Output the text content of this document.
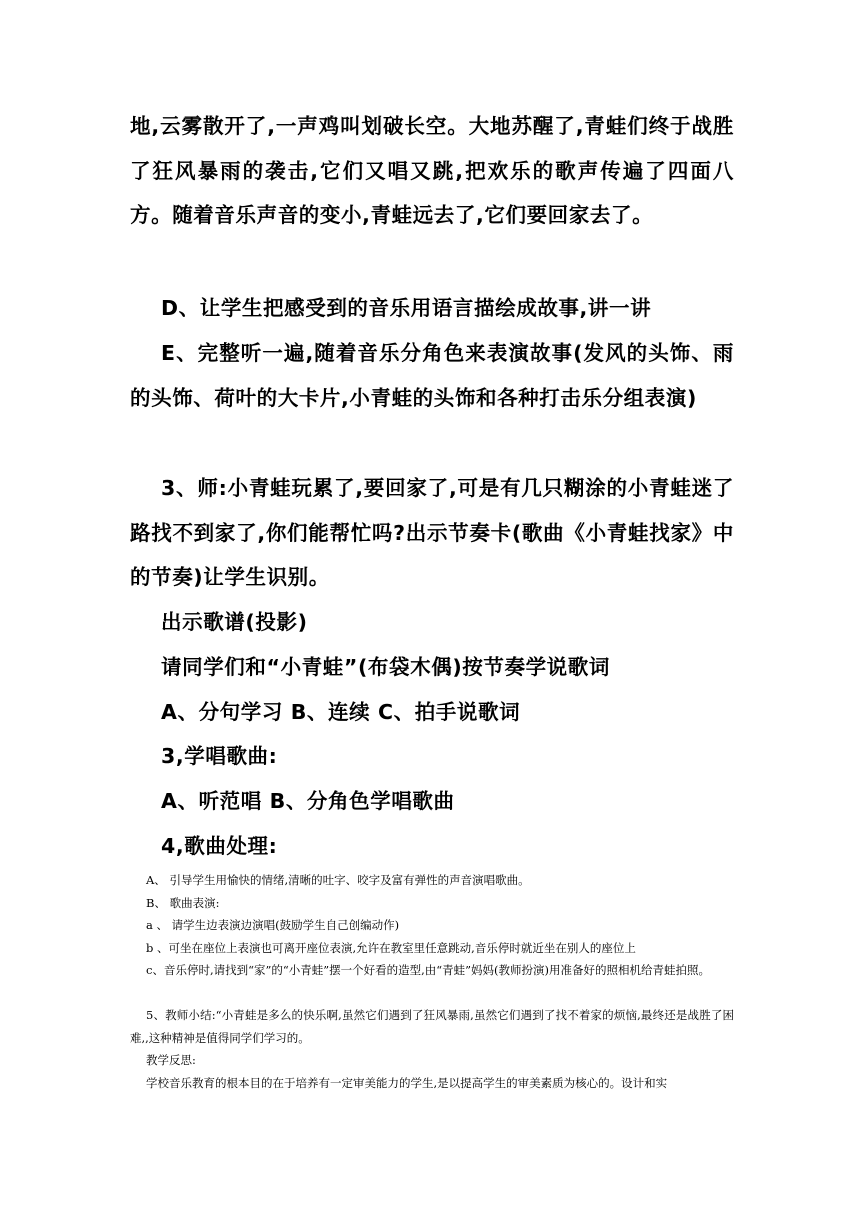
地,云雾散开了,一声鸡叫划破长空。大地苏醒了,青蛙们终于战胜了狂风暴雨的袭击,它们又唱又跳,把欢乐的歌声传遍了四面八方。随着音乐声音的变小,青蛙远去了,它们要回家去了。

D、让学生把感受到的音乐用语言描绘成故事,讲一讲

E、完整听一遍,随着音乐分角色来表演故事(发风的头饰、雨的头饰、荷叶的大卡片,小青蛙的头饰和各种打击乐分组表演)

3、师:小青蛙玩累了,要回家了,可是有几只糊涂的小青蛙迷了路找不到家了,你们能帮忙吗?出示节奏卡(歌曲《小青蛙找家》中的节奏)让学生识别。

出示歌谱(投影)

请同学们和“小青蛙”(布袋木偶)按节奏学说歌词

A、分句学习 B、连续 C、拍手说歌词

3,学唱歌曲:

A、听范唱 B、分角色学唱歌曲

4,歌曲处理:

A、 引导学生用愉快的情绪,清晰的吐字、咬字及富有弹性的声音演唱歌曲。

B、 歌曲表演:

a 、 请学生边表演边演唱(鼓励学生自己创编动作)

b 、可坐在座位上表演也可离开座位表演,允许在教室里任意跳动,音乐停时就近坐在别人的座位上

c、音乐停时,请找到“家”的“小青蛙”摆一个好看的造型,由“青蛙”妈妈(教师扮演)用准备好的照相机给青蛙拍照。

5、教师小结:“小青蛙是多么的快乐啊,虽然它们遇到了狂风暴雨,虽然它们遇到了找不着家的烦恼,最终还是战胜了困难,,这种精神是值得同学们学习的。

教学反思:

学校音乐教育的根本目的在于培养有一定审美能力的学生,是以提高学生的审美素质为核心的。设计和实
